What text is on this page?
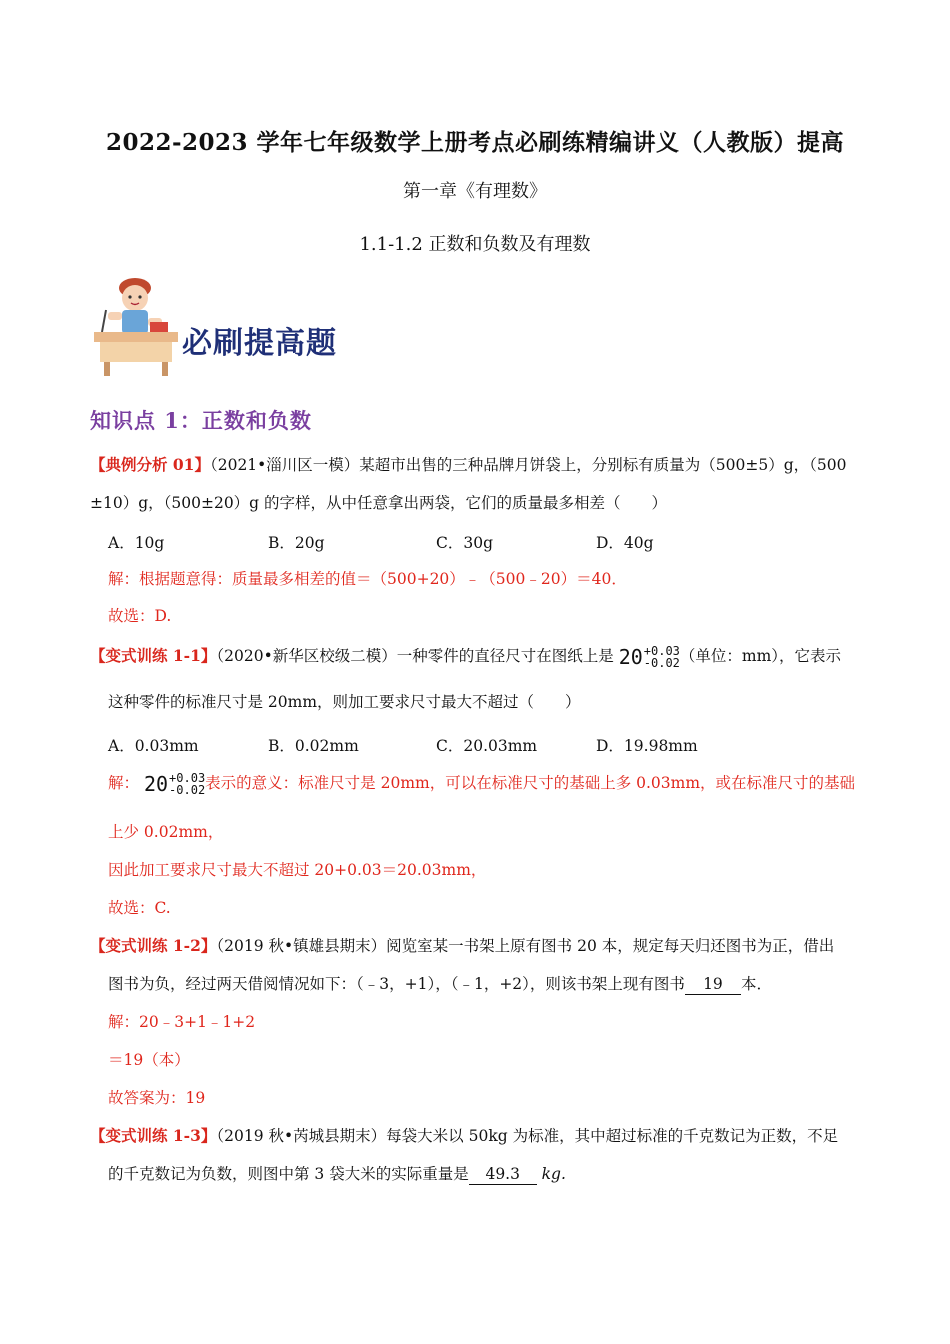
2022-2023 学年七年级数学上册考点必刷练精编讲义（人教版）提高
第一章《有理数》
1.1-1.2 正数和负数及有理数
必刷提高题
知识点 1：正数和负数
【典例分析 01】（2021•淄川区一模）某超市出售的三种品牌月饼袋上，分别标有质量为（500±5）g，（500
±10）g，（500±20）g 的字样，从中任意拿出两袋，它们的质量最多相差（　　）
A．10g	B．20g	C．30g	D．40g
解：根据题意得：质量最多相差的值＝（500+20）﹣（500﹣20）＝40．
故选：D.
【变式训练 1-1】（2020•新华区校级二模）一种零件的直径尺寸在图纸上是 20 +0.03
-0.02 （单位：mm），它表示
这种零件的标准尺寸是 20mm，则加工要求尺寸最大不超过（　　）
A．0.03mm	B．0.02mm	C．20.03mm	D．19.98mm
解： 20 +0.03
-0.02 表示的意义：标准尺寸是 20mm，可以在标准尺寸的基础上多 0.03mm，或在标准尺寸的基础
上少 0.02mm，
因此加工要求尺寸最大不超过 20+0.03＝20.03mm，
故选：C.
【变式训练 1-2】（2019 秋•镇雄县期末）阅览室某一书架上原有图书 20 本，规定每天归还图书为正，借出
图书为负，经过两天借阅情况如下：（﹣3，+1），（﹣1，+2），则该书架上现有图书 19 本．
解：20﹣3+1﹣1+2
＝19（本）
故答案为：19
【变式训练 1-3】（2019 秋•芮城县期末）每袋大米以 50kg 为标准，其中超过标准的千克数记为正数，不足
的千克数记为负数，则图中第 3 袋大米的实际重量是 49.3 kg.
